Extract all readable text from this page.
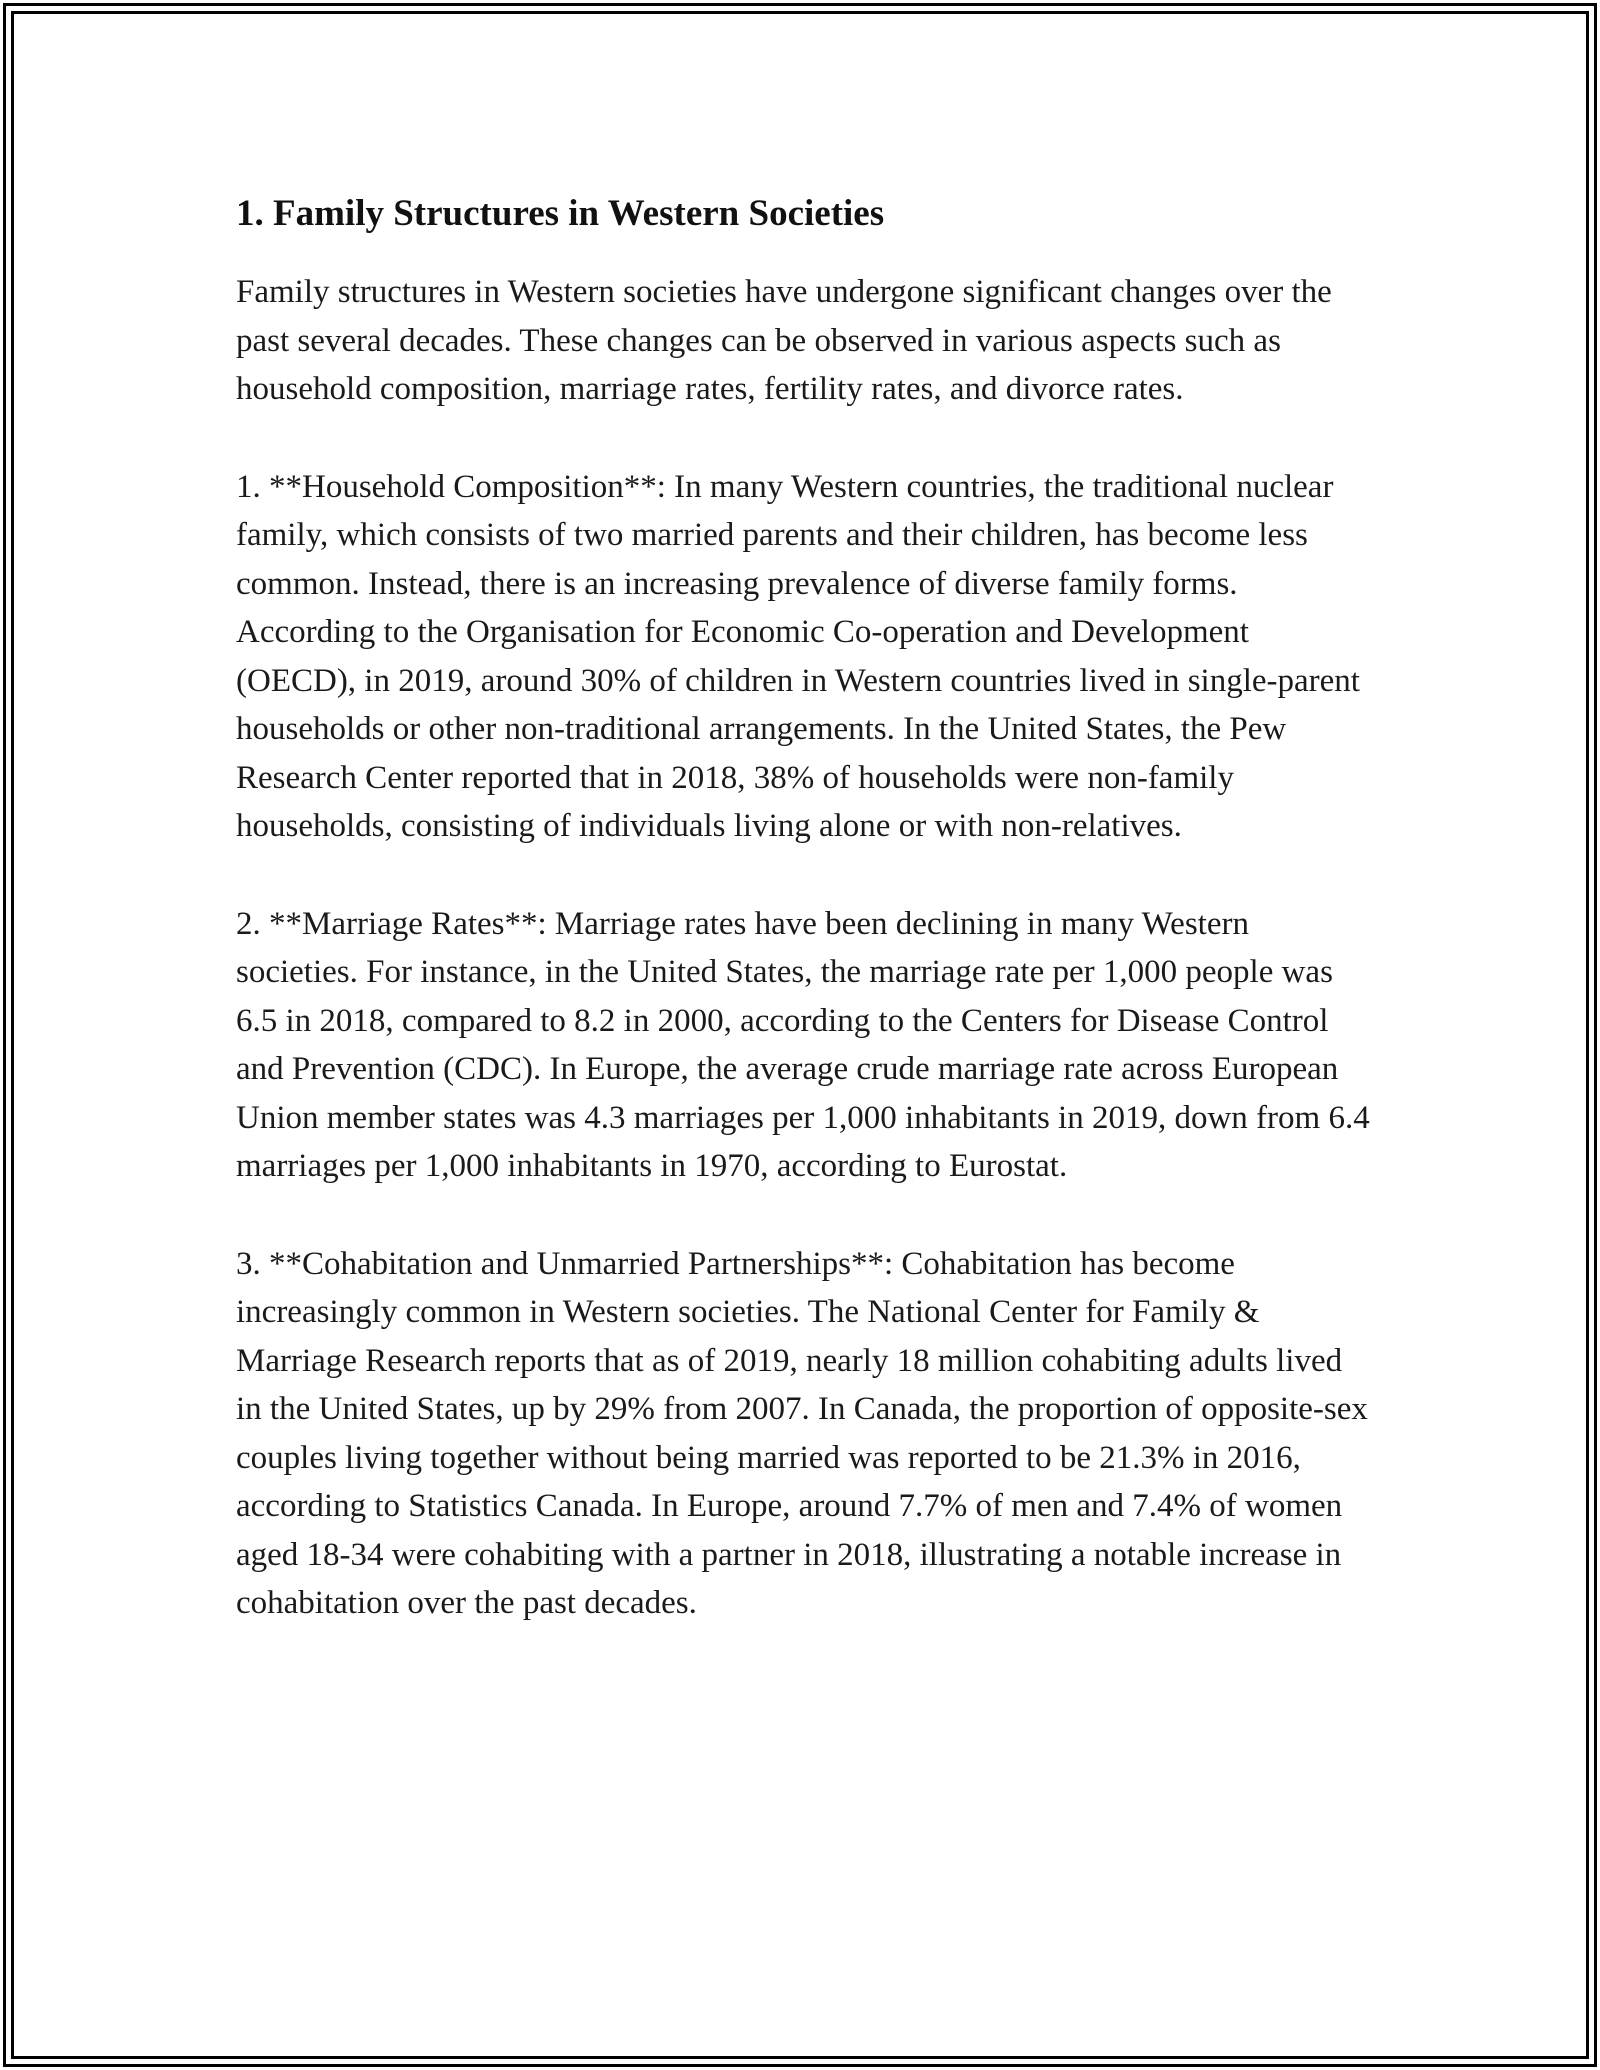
1. Family Structures in Western Societies

Family structures in Western societies have undergone significant changes over the past several decades. These changes can be observed in various aspects such as household composition, marriage rates, fertility rates, and divorce rates.

1. **Household Composition**: In many Western countries, the traditional nuclear family, which consists of two married parents and their children, has become less common. Instead, there is an increasing prevalence of diverse family forms. According to the Organisation for Economic Co-operation and Development (OECD), in 2019, around 30% of children in Western countries lived in single-parent households or other non-traditional arrangements. In the United States, the Pew Research Center reported that in 2018, 38% of households were non-family households, consisting of individuals living alone or with non-relatives.

2. **Marriage Rates**: Marriage rates have been declining in many Western societies. For instance, in the United States, the marriage rate per 1,000 people was 6.5 in 2018, compared to 8.2 in 2000, according to the Centers for Disease Control and Prevention (CDC). In Europe, the average crude marriage rate across European Union member states was 4.3 marriages per 1,000 inhabitants in 2019, down from 6.4 marriages per 1,000 inhabitants in 1970, according to Eurostat.

3. **Cohabitation and Unmarried Partnerships**: Cohabitation has become increasingly common in Western societies. The National Center for Family & Marriage Research reports that as of 2019, nearly 18 million cohabiting adults lived in the United States, up by 29% from 2007. In Canada, the proportion of opposite-sex couples living together without being married was reported to be 21.3% in 2016, according to Statistics Canada. In Europe, around 7.7% of men and 7.4% of women aged 18-34 were cohabiting with a partner in 2018, illustrating a notable increase in cohabitation over the past decades.
